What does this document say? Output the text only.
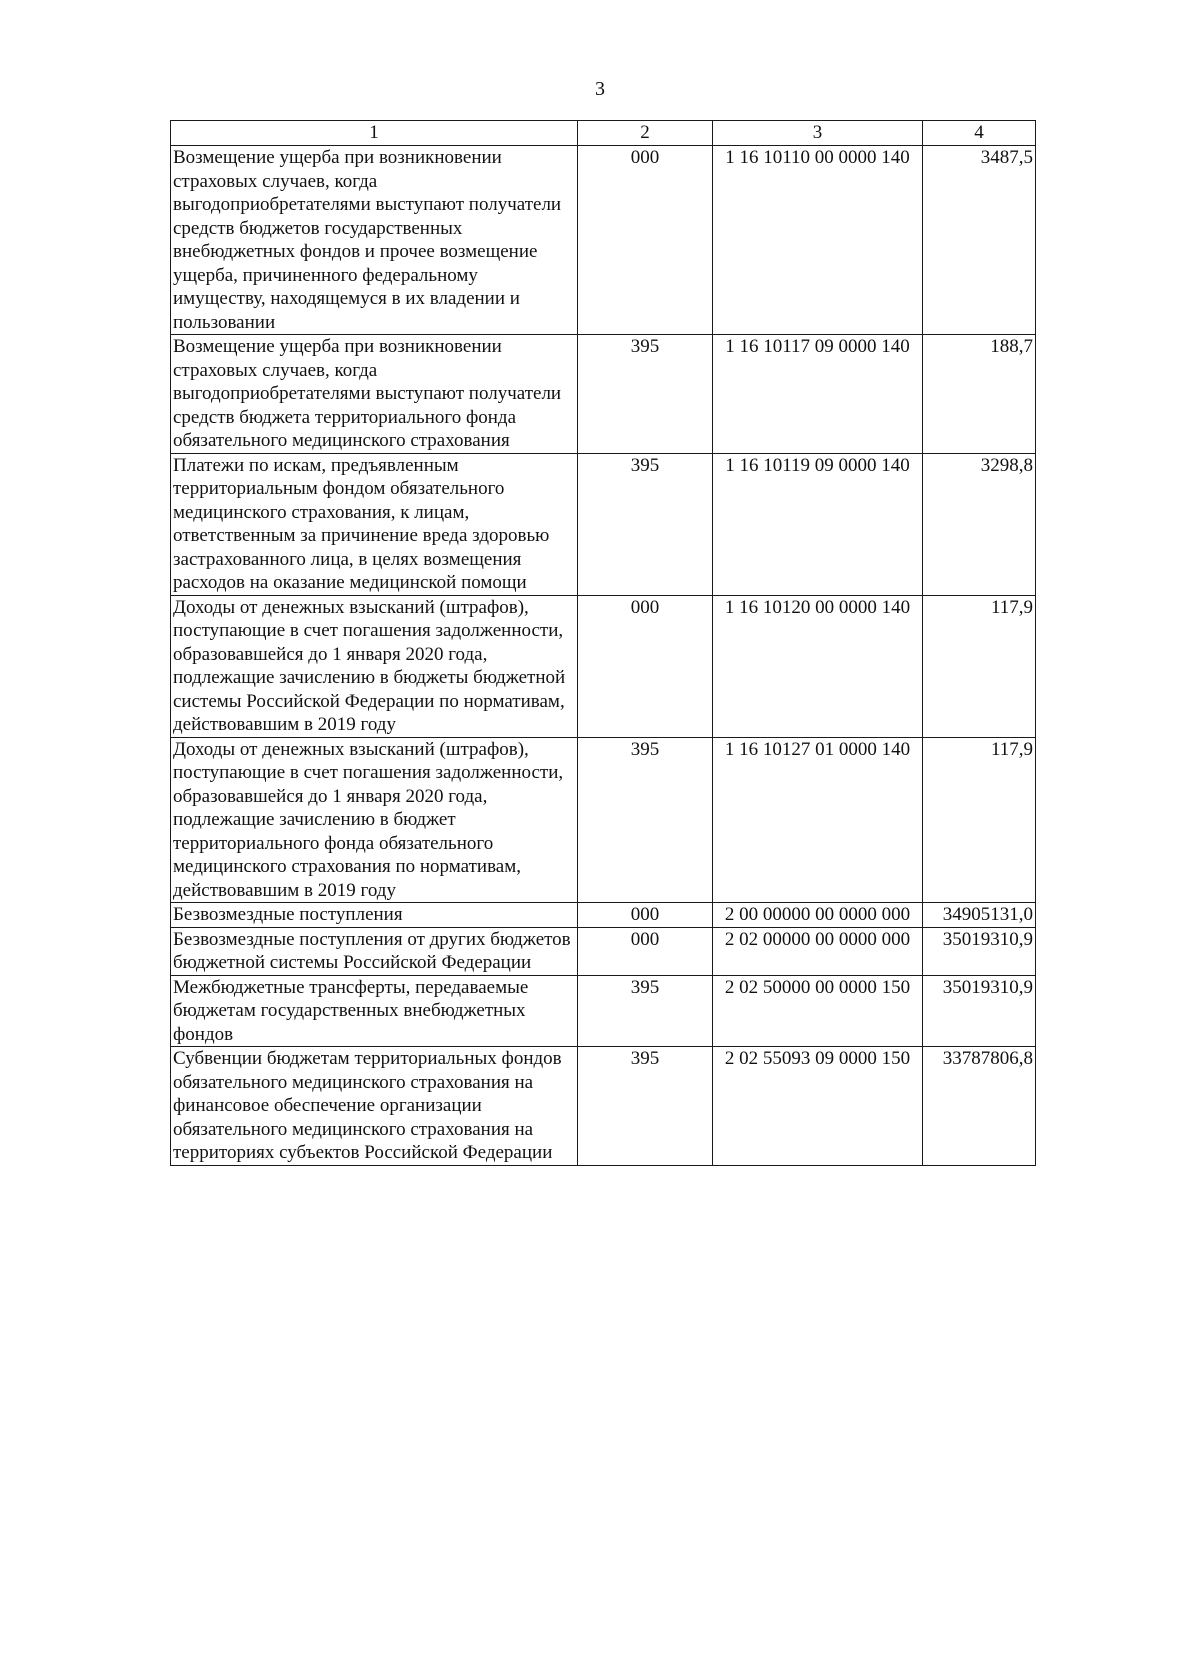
3
1	2	3	4
Возмещение ущерба при возникновении страховых случаев, когда выгодоприобретателями выступают получатели средств бюджетов государственных внебюджетных фондов и прочее возмещение ущерба, причиненного федеральному имуществу, находящемуся в их владении и пользовании	000	1 16 10110 00 0000 140	3487,5
Возмещение ущерба при возникновении страховых случаев, когда выгодоприобретателями выступают получатели средств бюджета территориального фонда обязательного медицинского страхования	395	1 16 10117 09 0000 140	188,7
Платежи по искам, предъявленным территориальным фондом обязательного медицинского страхования, к лицам, ответственным за причинение вреда здоровью застрахованного лица, в целях возмещения расходов на оказание медицинской помощи	395	1 16 10119 09 0000 140	3298,8
Доходы от денежных взысканий (штрафов), поступающие в счет погашения задолженности, образовавшейся до 1 января 2020 года, подлежащие зачислению в бюджеты бюджетной системы Российской Федерации по нормативам, действовавшим в 2019 году	000	1 16 10120 00 0000 140	117,9
Доходы от денежных взысканий (штрафов), поступающие в счет погашения задолженности, образовавшейся до 1 января 2020 года, подлежащие зачислению в бюджет территориального фонда обязательного медицинского страхования по нормативам, действовавшим в 2019 году	395	1 16 10127 01 0000 140	117,9
Безвозмездные поступления	000	2 00 00000 00 0000 000	34905131,0
Безвозмездные поступления от других бюджетов бюджетной системы Российской Федерации	000	2 02 00000 00 0000 000	35019310,9
Межбюджетные трансферты, передаваемые бюджетам государственных внебюджетных фондов	395	2 02 50000 00 0000 150	35019310,9
Субвенции бюджетам территориальных фондов обязательного медицинского страхования на финансовое обеспечение организации обязательного медицинского страхования на территориях субъектов Российской Федерации	395	2 02 55093 09 0000 150	33787806,8
